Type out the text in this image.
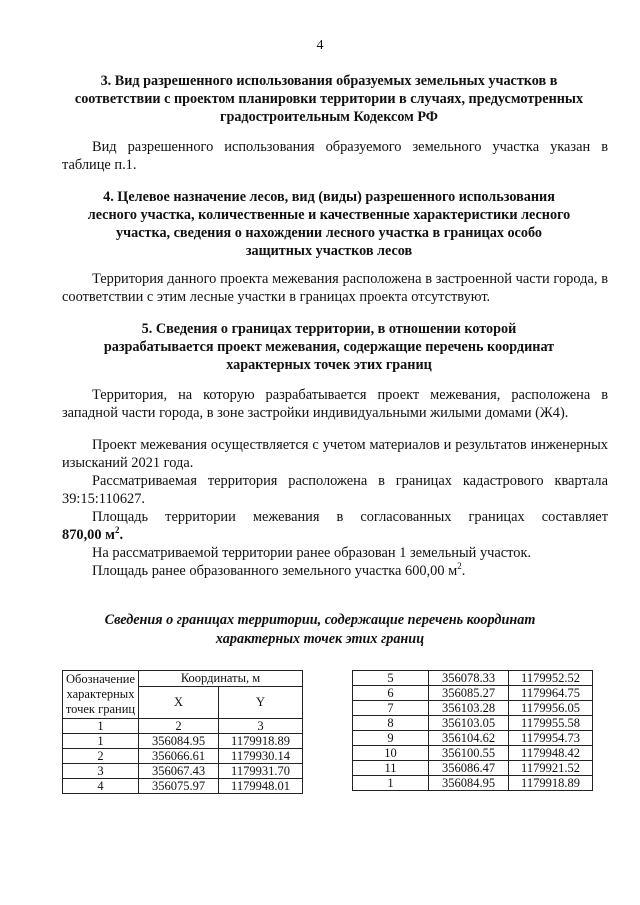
4
3. Вид разрешенного использования образуемых земельных участков в
соответствии с проектом планировки территории в случаях, предусмотренных
градостроительным Кодексом РФ
Вид разрешенного использования образуемого земельного участка указан в таблице п.1.
4. Целевое назначение лесов, вид (виды) разрешенного использования
лесного участка, количественные и качественные характеристики лесного
участка, сведения о нахождении лесного участка в границах особо
защитных участков лесов
Территория данного проекта межевания расположена в застроенной части города, в соответствии с этим лесные участки в границах проекта отсутствуют.
5. Сведения о границах территории, в отношении которой
разрабатывается проект межевания, содержащие перечень координат
характерных точек этих границ
Территория, на которую разрабатывается проект межевания, расположена в западной части города, в зоне застройки индивидуальными жилыми домами (Ж4).
Проект межевания осуществляется с учетом материалов и результатов инженерных изысканий 2021 года.
Рассматриваемая территория расположена в границах кадастрового квартала
39:15:110627.
Площадь территории межевания в согласованных границах составляет
870,00 $м^2$.
На рассматриваемой территории ранее образован 1 земельный участок.
Площадь ранее образованного земельного участка 600,00 $м^2$.
Сведения о границах территории, содержащие перечень координат
характерных точек этих границ
Обозначение
характерных
точек границ	Координаты, м	
	X	Y
1	2	3
1	356084.95	1179918.89
2	356066.61	1179930.14
3	356067.43	1179931.70
4	356075.97	1179948.01
5	356078.33	1179952.52
6	356085.27	1179964.75
7	356103.28	1179956.05
8	356103.05	1179955.58
9	356104.62	1179954.73
10	356100.55	1179948.42
11	356086.47	1179921.52
1	356084.95	1179918.89
